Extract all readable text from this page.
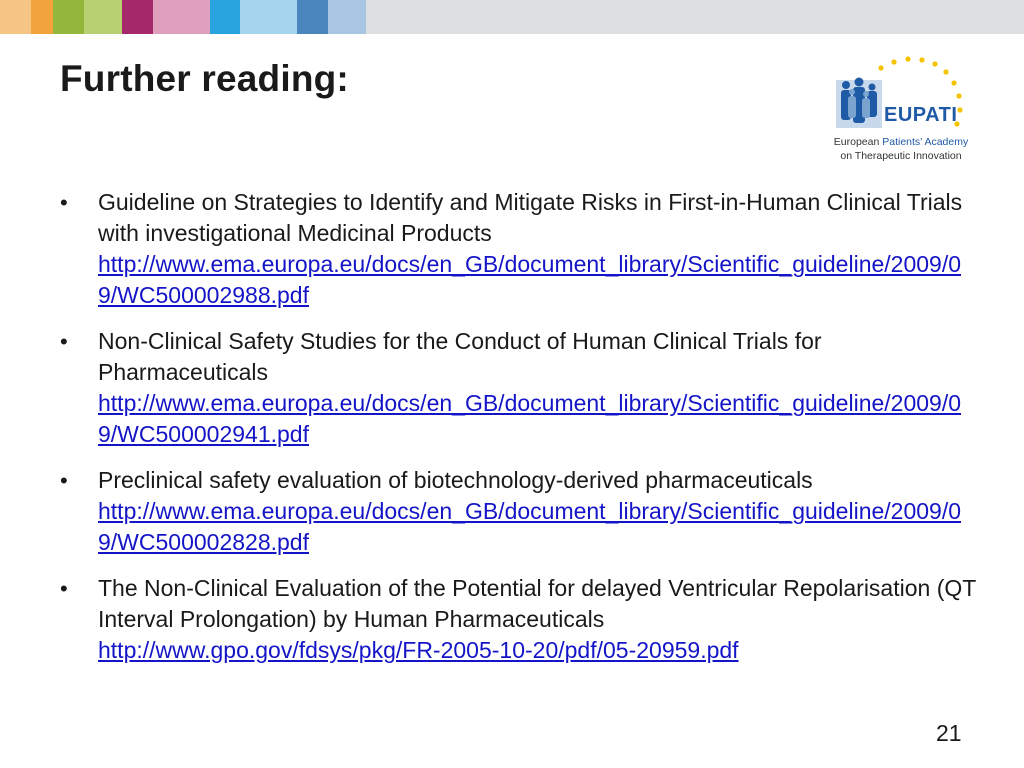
Further reading:
EUPATI
European Patients’ Academy
on Therapeutic Innovation
• Guideline on Strategies to Identify and Mitigate Risks in First-in-Human Clinical Trials with investigational Medicinal Products
http://www.ema.europa.eu/docs/en_GB/document_library/Scientific_guideline/2009/09/WC500002988.pdf
• Non-Clinical Safety Studies for the Conduct of Human Clinical Trials for Pharmaceuticals
http://www.ema.europa.eu/docs/en_GB/document_library/Scientific_guideline/2009/09/WC500002941.pdf
• Preclinical safety evaluation of biotechnology-derived pharmaceuticals
http://www.ema.europa.eu/docs/en_GB/document_library/Scientific_guideline/2009/09/WC500002828.pdf
• The Non-Clinical Evaluation of the Potential for delayed Ventricular Repolarisation (QT Interval Prolongation) by Human Pharmaceuticals
http://www.gpo.gov/fdsys/pkg/FR-2005-10-20/pdf/05-20959.pdf
21
